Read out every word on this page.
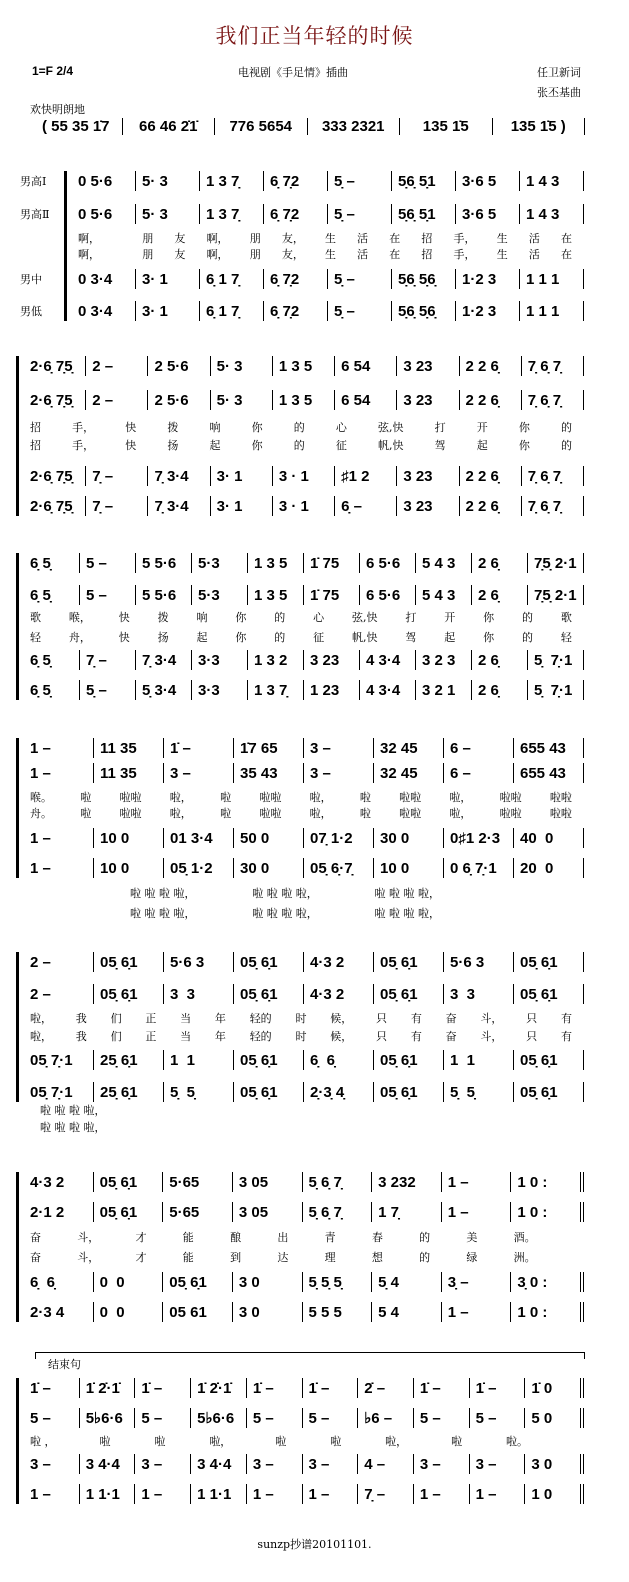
我们正当年轻的时候
1=F 2/4	电视剧《手足情》插曲	任卫新词
张丕基曲
欢快明朗地
( 55 35 1̇7	66 46 2̇1̇	776 5654	333 2321	135 1̇5	135 1̇5 )
结束句
0 5·6	5· 3	1 3 7̣	6̣ 7̣2	5̣ –	5̣6̣ 5̣1	3·6 5	1 4 3
男高Ⅰ
0 5·6	5· 3	1 3 7̣	6̣ 7̣2	5̣ –	5̣6̣ 5̣1	3·6 5	1 4 3
男高Ⅱ
0 3·4	3· 1	6̣ 1 7̣	6̣ 7̣2	5̣ –	5̣6̣ 5̣6̣	1·2 3	1 1 1
男中
0 3·4	3· 1	6̣ 1 7̣	6̣ 7̣2	5̣ –	5̣6̣ 5̣6̣	1·2 3	1 1 1
男低
啊，	朋 友 啊， 朋 友， 生 活 在 招 手， 生 活 在
啊，	朋 友 啊， 朋 友， 生 活 在 招 手， 生 活 在
2·6̣ 7̣5̣	2 –	2 5·6	5· 3	1 3 5	6 54	3 23	2 2 6̣	7̣ 6̣ 7̣
2·6̣ 7̣5̣	2 –	2 5·6	5· 3	1 3 5	6 54	3 23	2 2 6̣	7̣ 6̣ 7̣
2·6̣ 7̣5̣	7̣ –	7̣ 3·4	3· 1	3 · 1	♯1 2	3 23	2 2 6̣	7̣ 6̣ 7̣
2·6̣ 7̣5̣	7̣ –	7̣ 3·4	3· 1	3 · 1	6̣ –	3 23	2 2 6̣	7̣ 6̣ 7̣
招	手，	快	拨	响	你	的	心	弦,快	打	开	你	的
招	手，	快	扬	起	你	的	征	帆,快	驾	起	你	的
6̣ 5̣	5 –	5 5·6	5·3	1 3 5	1̇ 75	6 5·6	5 4 3	2 6̣	7̣5̣ 2·1
6̣ 5̣	5 –	5 5·6	5·3	1 3 5	1̇ 75	6 5·6	5 4 3	2 6̣	7̣5̣ 2·1
6̣ 5̣	7̣ –	7̣ 3·4	3·3	1 3 2	3 23	4 3·4	3 2 3	2 6̣	5̣  7̣·1
6̣ 5̣	5̣ –	5̣ 3·4	3·3	1 3 7̣	1 23	4 3·4	3 2 1	2 6̣	5̣  7̣·1
歌	喉，	快	拨	响	你	的	心	弦,快	打	开	你	的	歌
轻	舟，	快	扬	起	你	的	征	帆,快	驾	起	你	的	轻
1 –	11 35	1̇ –	1̇7 65	3 –	32 45	6 –	655 43
1 –	11 35	3 –	35 43	3 –	32 45	6 –	655 43
1 –	10 0	01 3·4	50 0	07̣ 1·2	30 0	0♯1 2·3	40  0
1 –	10 0	05̣ 1·2	30 0	05̣ 6̣·7̣	10 0	0 6̣ 7̣·1	20  0
喉。	啦	啦啦	啦，	啦	啦啦	啦，	啦	啦啦	啦，	啦啦	啦啦
舟。	啦	啦啦	啦，	啦	啦啦	啦，	啦	啦啦	啦，	啦啦	啦啦
啦 啦 啦 啦，	啦 啦 啦 啦，	啦 啦 啦 啦，
啦 啦 啦 啦，	啦 啦 啦 啦，	啦 啦 啦 啦，
2 –	05̣ 6̣1	5·6 3	05̣ 6̣1	4·3 2	05̣ 6̣1	5·6 3	05̣ 6̣1
2 –	05̣ 6̣1	3  3	05̣ 6̣1	4·3 2	05̣ 6̣1	3  3	05̣ 6̣1
05̣ 7̣·1	25̣ 6̣1	1  1	05̣ 6̣1	6̣  6̣	05̣ 6̣1	1  1	05̣ 6̣1
05̣ 7̣·1	25̣ 6̣1	5̣  5̣	05̣ 6̣1	2̣·3̣ 4̣	05̣ 6̣1	5̣  5̣	05̣ 6̣1
啦， 我 们 正 当 年 轻的 时 候， 只 有 奋 斗， 只 有
啦， 我 们 正 当 年 轻的 时 候， 只 有 奋 斗， 只 有
啦 啦 啦 啦，
啦 啦 啦 啦，
4·3 2	05̣ 6̣1	5·65	3 05	5̣ 6̣ 7̣	3 232	1 –	1 0 :
2·1 2	05̣ 6̣1	5·65	3 05	5̣ 6̣ 7̣	1 7̣	1 –	1 0 :
6̣  6̣	0  0	05̣ 6̣1	3 0	5̣ 5̣ 5̣	5̣ 4	3̣ –	3̣ 0 :
2·3 4	0  0	05 61	3 0	5 5 5	5 4	1 –	1 0 :
奋	斗，	才	能	酿	出	青	春	的	美	酒。
奋	斗，	才	能	到	达	理	想	的	绿	洲。
1̇ –	1̇ 2̇·1̇	1̇ –	1̇ 2̇·1̇	1̇ –	1̇ –	2̇ –	1̇ –	1̇ –	1̇ 0
5 –	5♭6·6	5 –	5♭6·6	5 –	5 –	♭6 –	5 –	5 –	5 0
3 –	3 4·4	3 –	3 4·4	3 –	3 –	4 –	3 –	3 –	3 0
1 –	1 1·1	1 –	1 1·1	1 –	1 –	7̣ –	1 –	1 –	1 0
啦 ，	啦	啦	啦，	啦	啦	啦，	啦	啦。
sunzp抄谱20101101.
